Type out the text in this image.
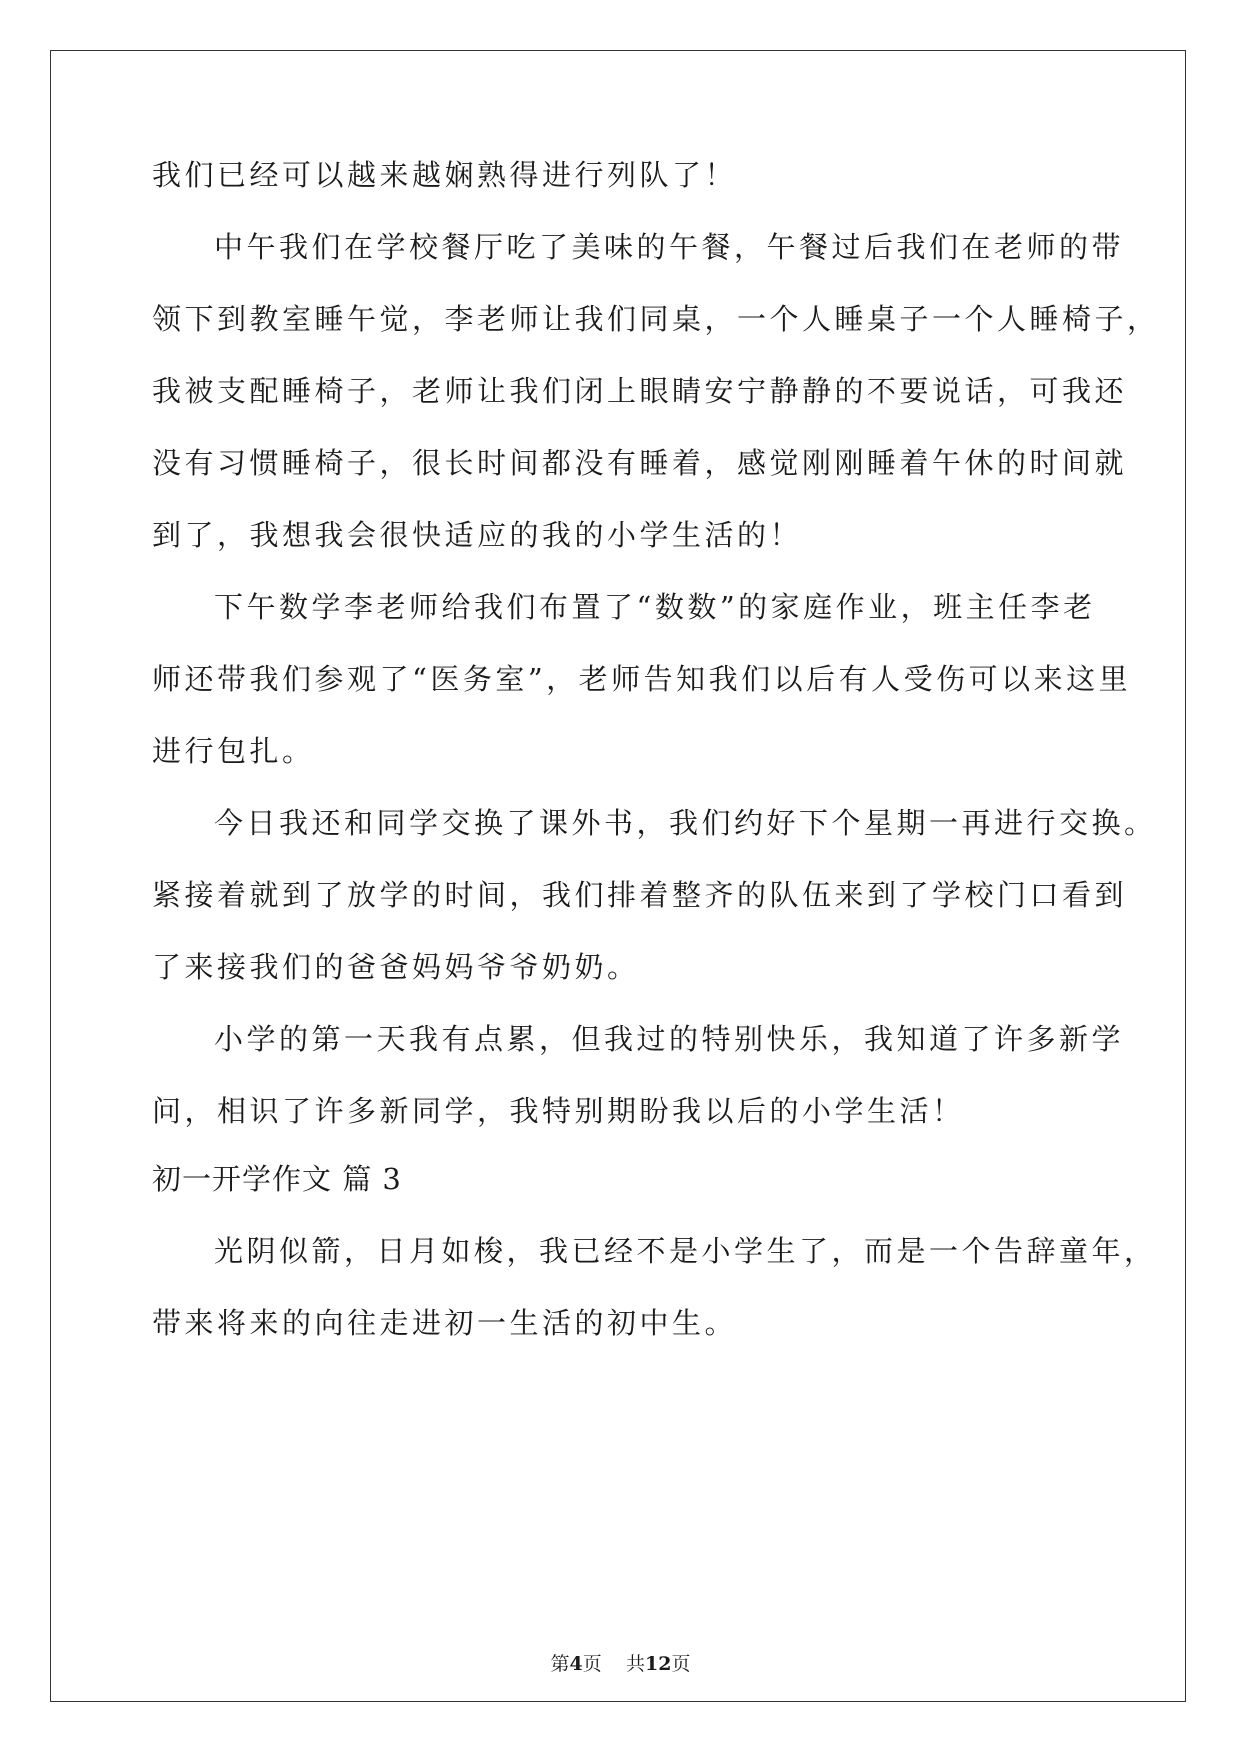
我们已经可以越来越娴熟得进行列队了！
中午我们在学校餐厅吃了美味的午餐，午餐过后我们在老师的带
领下到教室睡午觉，李老师让我们同桌，一个人睡桌子一个人睡椅子，
我被支配睡椅子，老师让我们闭上眼睛安宁静静的不要说话，可我还
没有习惯睡椅子，很长时间都没有睡着，感觉刚刚睡着午休的时间就
到了，我想我会很快适应的我的小学生活的！
下午数学李老师给我们布置了“数数”的家庭作业，班主任李老
师还带我们参观了“医务室”，老师告知我们以后有人受伤可以来这里
进行包扎。
今日我还和同学交换了课外书，我们约好下个星期一再进行交换。
紧接着就到了放学的时间，我们排着整齐的队伍来到了学校门口看到
了来接我们的爸爸妈妈爷爷奶奶。
小学的第一天我有点累，但我过的特别快乐，我知道了许多新学
问，相识了许多新同学，我特别期盼我以后的小学生活！
初一开学作文 篇 3
光阴似箭，日月如梭，我已经不是小学生了，而是一个告辞童年，
带来将来的向往走进初一生活的初中生。
第4页 共12页
